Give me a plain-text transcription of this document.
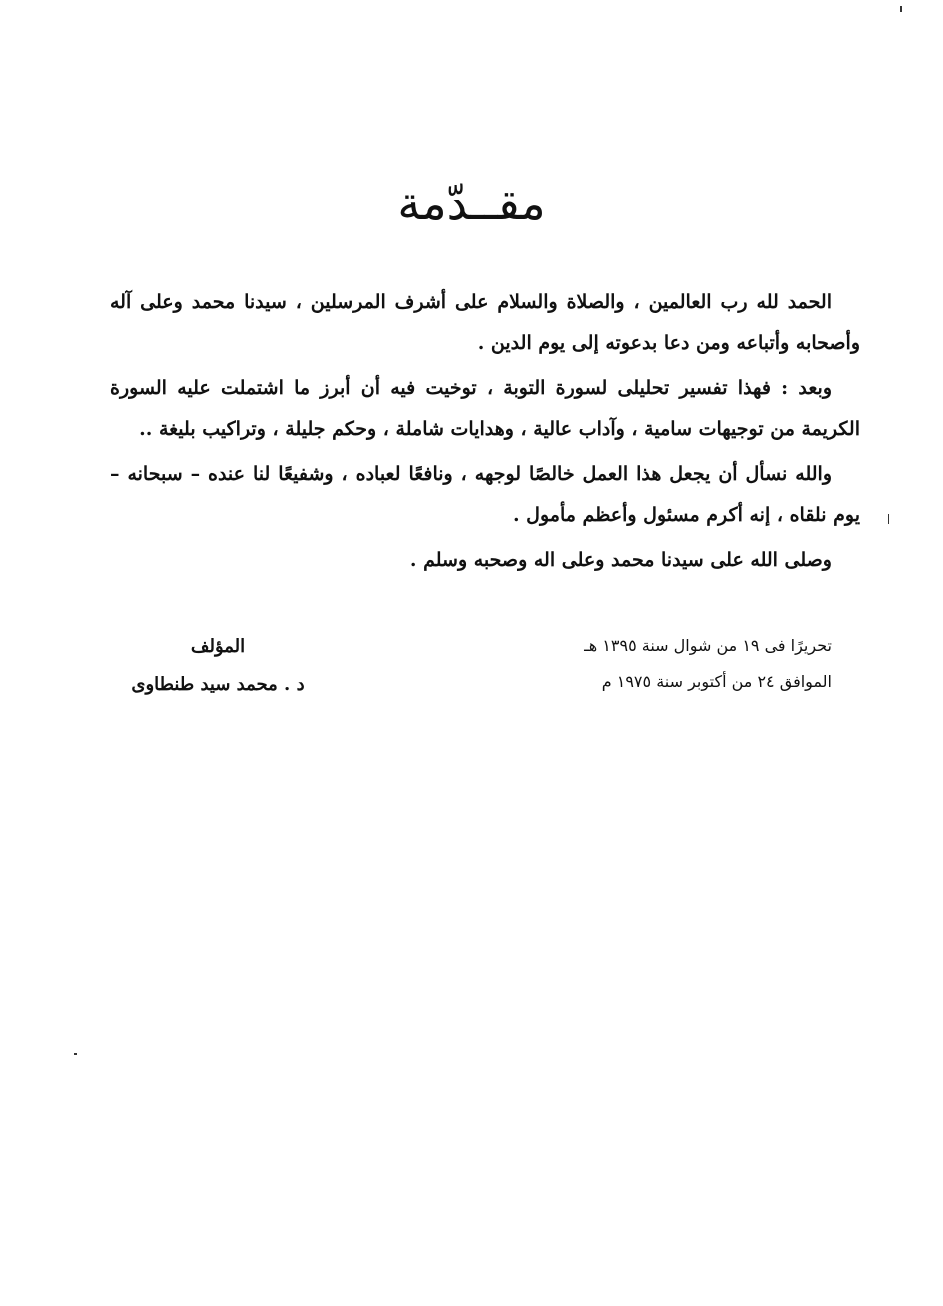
مقــدّمة

الحمد لله رب العالمين ، والصلاة والسلام على أشرف المرسلين ، سيدنا محمد وعلى آله وأصحابه وأتباعه ومن دعا بدعوته إلى يوم الدين .

وبعد : فهذا تفسير تحليلى لسورة التوبة ، توخيت فيه أن أبرز ما اشتملت عليه السورة الكريمة من توجيهات سامية ، وآداب عالية ، وهدايات شاملة ، وحكم جليلة ، وتراكيب بليغة ..

والله نسأل أن يجعل هذا العمل خالصًا لوجهه ، ونافعًا لعباده ، وشفيعًا لنا عنده – سبحانه – يوم نلقاه ، إنه أكرم مسئول وأعظم مأمول .

وصلى الله على سيدنا محمد وعلى اله وصحبه وسلم .

تحريرًا فى ١٩ من شوال سنة ١٣٩٥ هـ
الموافق ٢٤ من أكتوبر سنة ١٩٧٥ م
المؤلف
د . محمد سيد طنطاوى
